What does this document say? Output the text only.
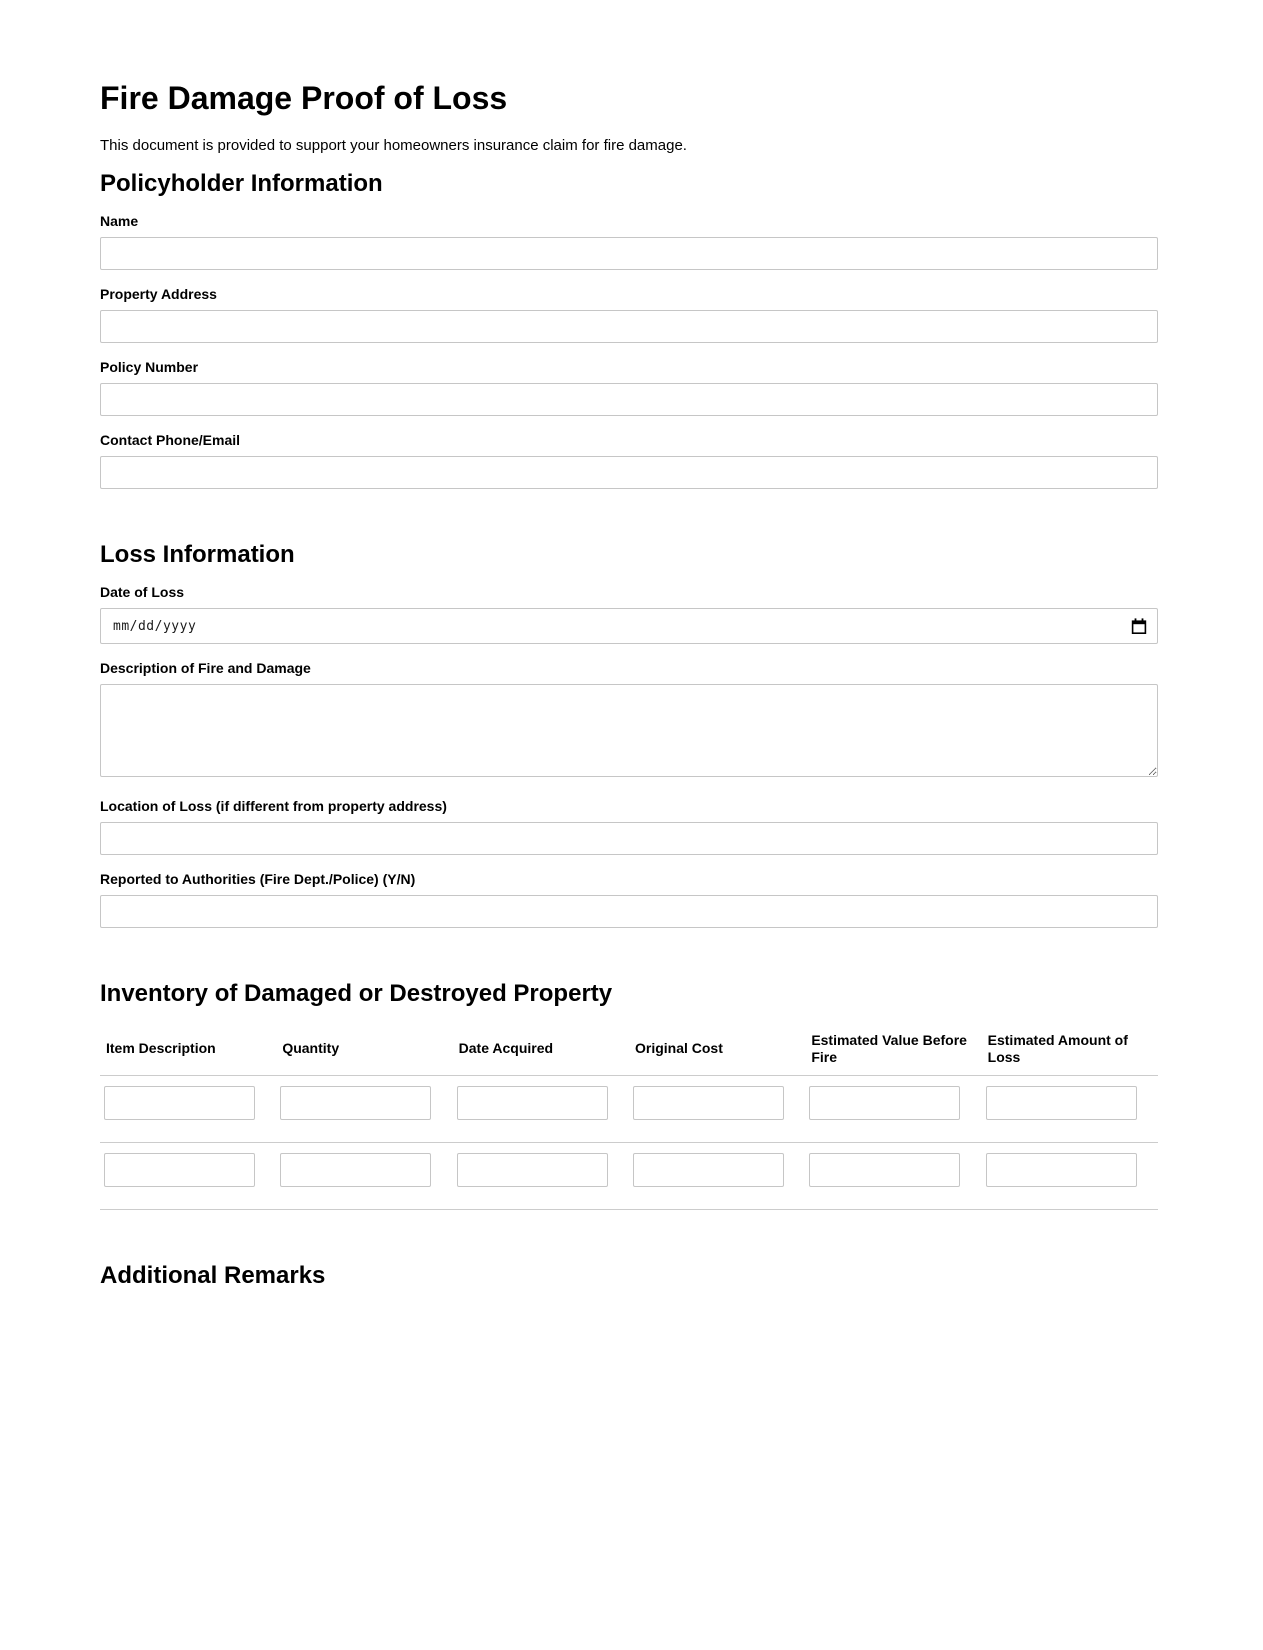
Fire Damage Proof of Loss

This document is provided to support your homeowners insurance claim for fire damage.

Policyholder Information
Name
Property Address
Policy Number
Contact Phone/Email
Loss Information
Date of Loss
mm/dd/yyyy
Description of Fire and Damage
Location of Loss (if different from property address)
Reported to Authorities (Fire Dept./Police) (Y/N)
Inventory of Damaged or Destroyed Property
Item Description	Quantity	Date Acquired	Original Cost	Estimated Value Before Fire	Estimated Amount of Loss

Additional Remarks
